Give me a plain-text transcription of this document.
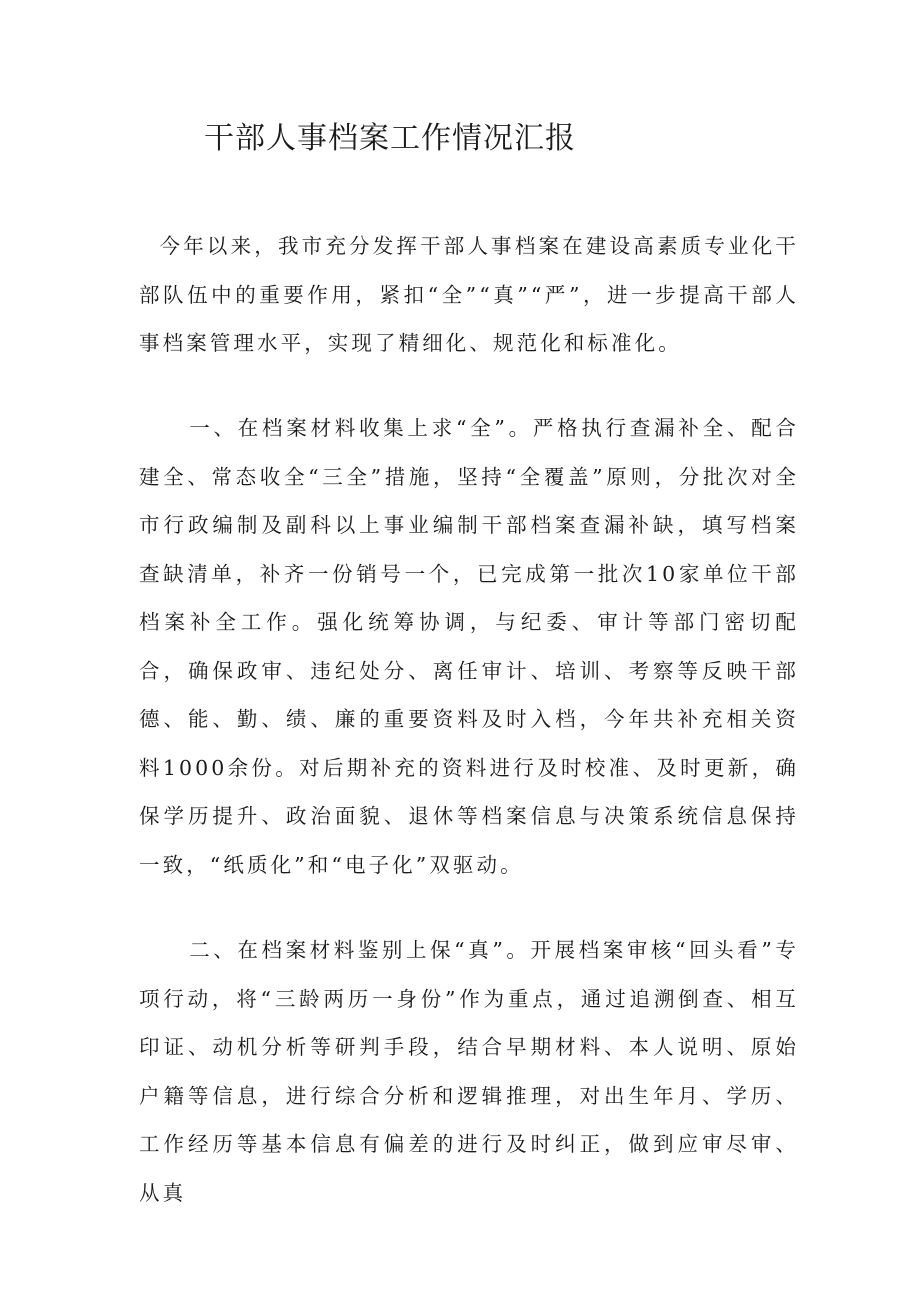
干部人事档案工作情况汇报

今年以来，我市充分发挥干部人事档案在建设高素质专业化干部队伍中的重要作用，紧扣“全”“真”“严”，进一步提高干部人事档案管理水平，实现了精细化、规范化和标准化。

一、在档案材料收集上求“全”。严格执行查漏补全、配合建全、常态收全“三全”措施，坚持“全覆盖”原则，分批次对全市行政编制及副科以上事业编制干部档案查漏补缺，填写档案查缺清单，补齐一份销号一个，已完成第一批次10家单位干部档案补全工作。强化统筹协调，与纪委、审计等部门密切配合，确保政审、违纪处分、离任审计、培训、考察等反映干部德、能、勤、绩、廉的重要资料及时入档，今年共补充相关资料1000余份。对后期补充的资料进行及时校准、及时更新，确保学历提升、政治面貌、退休等档案信息与决策系统信息保持一致，“纸质化”和“电子化”双驱动。

二、在档案材料鉴别上保“真”。开展档案审核“回头看”专项行动，将“三龄两历一身份”作为重点，通过追溯倒查、相互印证、动机分析等研判手段，结合早期材料、本人说明、原始户籍等信息，进行综合分析和逻辑推理，对出生年月、学历、工作经历等基本信息有偏差的进行及时纠正，做到应审尽审、从真
